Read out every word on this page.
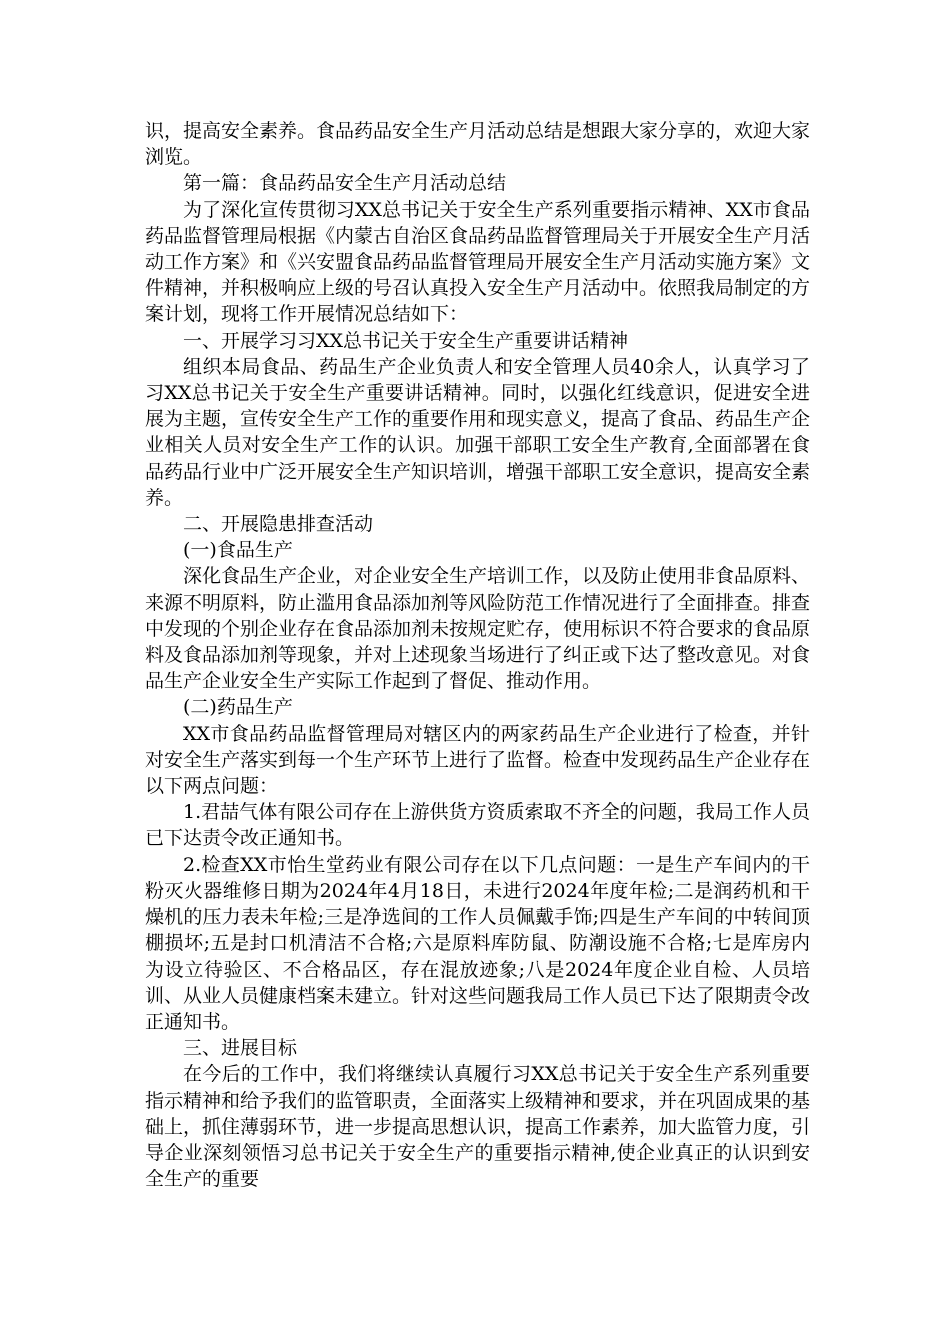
识，提高安全素养。食品药品安全生产月活动总结是想跟大家分享的，欢迎大家浏览。

第一篇：食品药品安全生产月活动总结

为了深化宣传贯彻习XX总书记关于安全生产系列重要指示精神、XX市食品药品监督管理局根据《内蒙古自治区食品药品监督管理局关于开展安全生产月活动工作方案》和《兴安盟食品药品监督管理局开展安全生产月活动实施方案》文件精神，并积极响应上级的号召认真投入安全生产月活动中。依照我局制定的方案计划，现将工作开展情况总结如下：

一、开展学习习XX总书记关于安全生产重要讲话精神

组织本局食品、药品生产企业负责人和安全管理人员40余人，认真学习了习XX总书记关于安全生产重要讲话精神。同时，以强化红线意识，促进安全进展为主题，宣传安全生产工作的重要作用和现实意义，提高了食品、药品生产企业相关人员对安全生产工作的认识。加强干部职工安全生产教育,全面部署在食品药品行业中广泛开展安全生产知识培训，增强干部职工安全意识，提高安全素养。

二、开展隐患排查活动

(一)食品生产

深化食品生产企业，对企业安全生产培训工作，以及防止使用非食品原料、来源不明原料，防止滥用食品添加剂等风险防范工作情况进行了全面排查。排查中发现的个别企业存在食品添加剂未按规定贮存，使用标识不符合要求的食品原料及食品添加剂等现象，并对上述现象当场进行了纠正或下达了整改意见。对食品生产企业安全生产实际工作起到了督促、推动作用。

(二)药品生产

XX市食品药品监督管理局对辖区内的两家药品生产企业进行了检查，并针对安全生产落实到每一个生产环节上进行了监督。检查中发现药品生产企业存在以下两点问题：

1.君喆气体有限公司存在上游供货方资质索取不齐全的问题，我局工作人员已下达责令改正通知书。

2.检查XX市怡生堂药业有限公司存在以下几点问题：一是生产车间内的干粉灭火器维修日期为2024年4月18日，未进行2024年度年检;二是润药机和干燥机的压力表未年检;三是净选间的工作人员佩戴手饰;四是生产车间的中转间顶棚损坏;五是封口机清洁不合格;六是原料库防鼠、防潮设施不合格;七是库房内为设立待验区、不合格品区，存在混放迹象;八是2024年度企业自检、人员培训、从业人员健康档案未建立。针对这些问题我局工作人员已下达了限期责令改正通知书。

三、进展目标

在今后的工作中，我们将继续认真履行习XX总书记关于安全生产系列重要指示精神和给予我们的监管职责，全面落实上级精神和要求，并在巩固成果的基础上，抓住薄弱环节，进一步提高思想认识，提高工作素养，加大监管力度，引导企业深刻领悟习总书记关于安全生产的重要指示精神,使企业真正的认识到安全生产的重要
